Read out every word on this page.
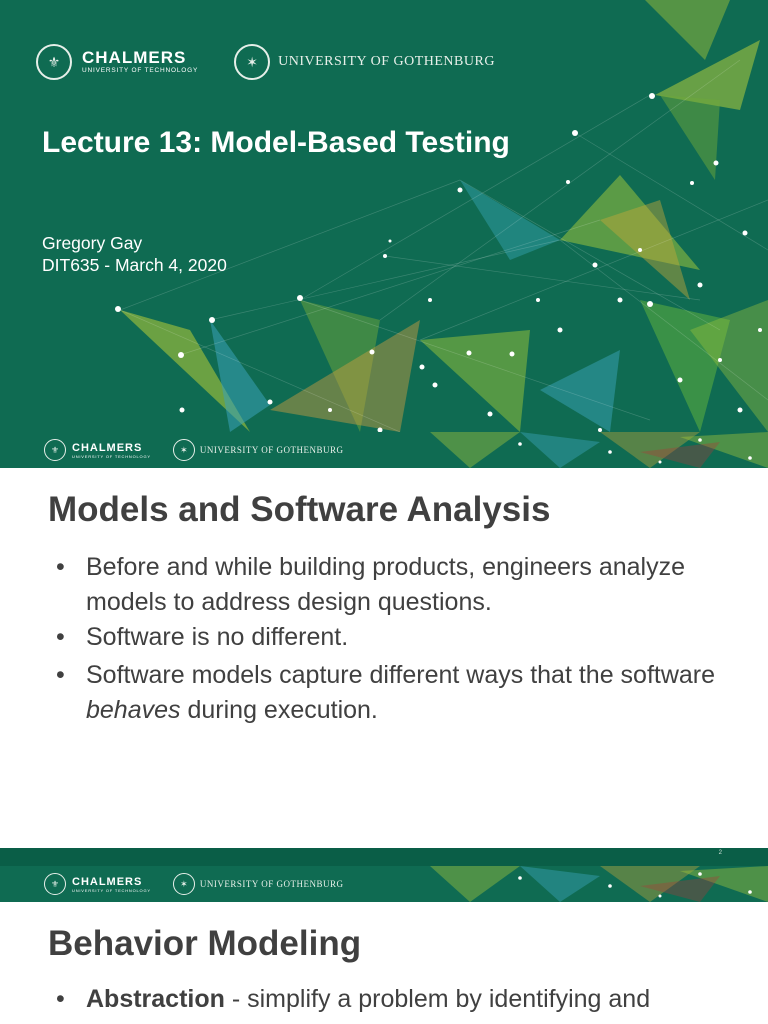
⚜	CHALMERS
UNIVERSITY OF TECHNOLOGY
✶	UNIVERSITY OF GOTHENBURG
Lecture 13: Model-Based Testing
Gregory Gay
DIT635 - March 4, 2020
⚜	CHALMERS
UNIVERSITY OF TECHNOLOGY
✶	UNIVERSITY OF GOTHENBURG
Models and Software Analysis
• Before and while building products, engineers analyze models to address design questions.
• Software is no different.
• Software models capture different ways that the software behaves during execution.
2
⚜	CHALMERS
UNIVERSITY OF TECHNOLOGY
✶	UNIVERSITY OF GOTHENBURG
Behavior Modeling
• Abstraction - simplify a problem by identifying and
